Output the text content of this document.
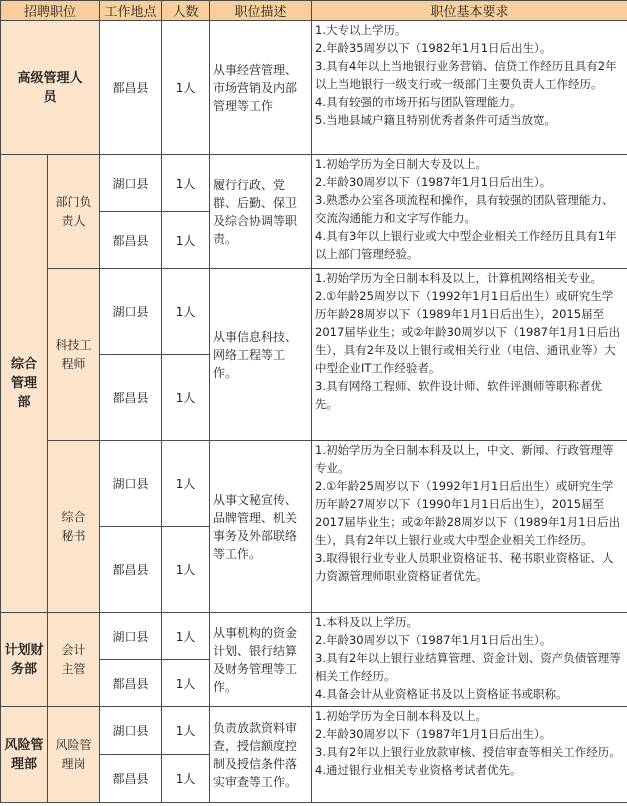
招聘职位		工作地点	人数	职位描述	职位基本要求

高级管理人员		都昌县	1人	从事经营管理、市场营销及内部管理等工作	1.大专以上学历。
2.年龄35周岁以下（1982年1月1日后出生）。
3.具有4年以上当地银行业务营销、信贷工作经历且具有2年以上当地银行一级支行或一级部门主要负责人工作经历。
4.具有较强的市场开拓与团队管理能力。
5.当地县域户籍且特别优秀者条件可适当放宽。

综合管理部	部门负责人	湖口县	1人	履行行政、党群、后勤、保卫及综合协调等职责。	1.初始学历为全日制大专及以上。
2.年龄30周岁以下（1987年1月1日后出生）。
3.熟悉办公室各项流程和操作，具有较强的团队管理能力、交流沟通能力和文字写作能力。
4.具有3年以上银行业或大中型企业相关工作经历且具有1年以上部门管理经验。

		都昌县	1人		

	科技工程师	湖口县	1人	从事信息科技、网络工程等工作。	1.初始学历为全日制本科及以上，计算机网络相关专业。
2.①年龄25周岁以下（1992年1月1日后出生）或研究生学历年龄28周岁以下（1989年1月1日后出生），2015届至2017届毕业生；或②年龄30周岁以下（1987年1月1日后出生），具有2年及以上银行或相关行业（电信、通讯业等）大中型企业IT工作经验者。
3.具有网络工程师、软件设计师、软件评测师等职称者优先。

		都昌县	1人		

	综合秘书	湖口县	1人	从事文秘宣传、品牌管理、机关事务及外部联络等工作。	1.初始学历为全日制本科及以上，中文、新闻、行政管理等专业。
2.①年龄25周岁以下（1992年1月1日后出生）或研究生学历年龄27周岁以下（1990年1月1日后出生），2015届至2017届毕业生；或②年龄28周岁以下（1989年1月1日后出生），具有2年以上银行业或大中型企业相关工作经历。
3.取得银行业专业人员职业资格证书、秘书职业资格证、人力资源管理师职业资格证者优先。

		都昌县	1人		

计划财务部	会计主管	湖口县	1人	从事机构的资金计划、银行结算及财务管理等工作。	1.本科及以上学历。
2.年龄30周岁以下（1987年1月1日后出生）。
3.具有2年以上银行业结算管理、资金计划、资产负债管理等相关工作经历。
4.具备会计从业资格证书及以上资格证书或职称。

		都昌县	1人		

风险管理部	风险管理岗	湖口县	1人	负责放款资料审查，授信额度控制及授信条件落实审查等工作。	1.初始学历为全日制本科及以上。
2.年龄30周岁以下（1987年1月1日后出生）。
3.具有2年以上银行业放款审核、授信审查等相关工作经历。
4.通过银行业相关专业资格考试者优先。

		都昌县	1人		
